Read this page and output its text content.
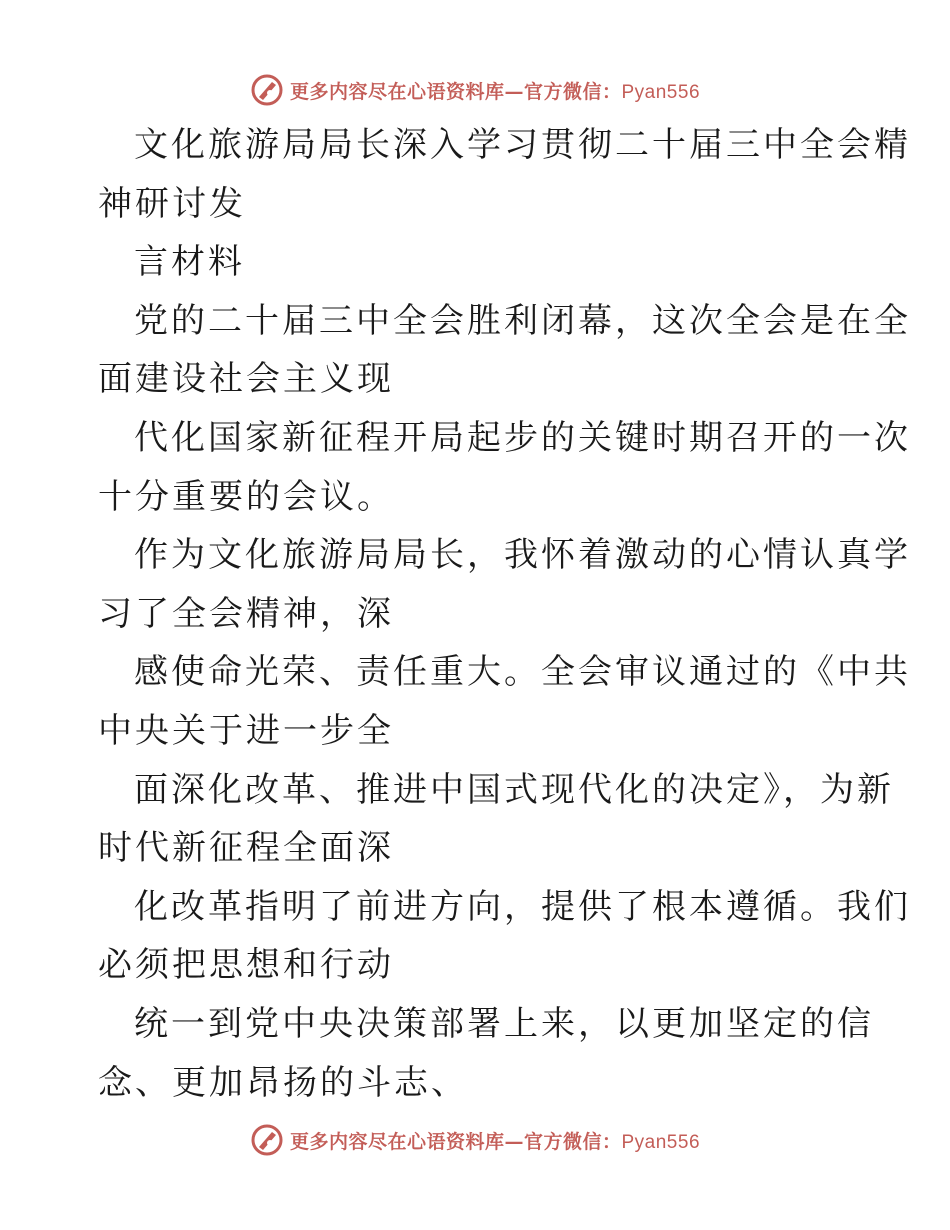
更多内容尽在心语资料库—官方微信：Pyan556
文化旅游局局长深入学习贯彻二十届三中全会精
神研讨发
言材料
党的二十届三中全会胜利闭幕，这次全会是在全
面建设社会主义现
代化国家新征程开局起步的关键时期召开的一次
十分重要的会议。
作为文化旅游局局长，我怀着激动的心情认真学
习了全会精神，深
感使命光荣、责任重大。全会审议通过的《中共
中央关于进一步全
面深化改革、推进中国式现代化的决定》，为新
时代新征程全面深
化改革指明了前进方向，提供了根本遵循。我们
必须把思想和行动
统一到党中央决策部署上来，以更加坚定的信
念、更加昂扬的斗志、
更多内容尽在心语资料库—官方微信：Pyan556
